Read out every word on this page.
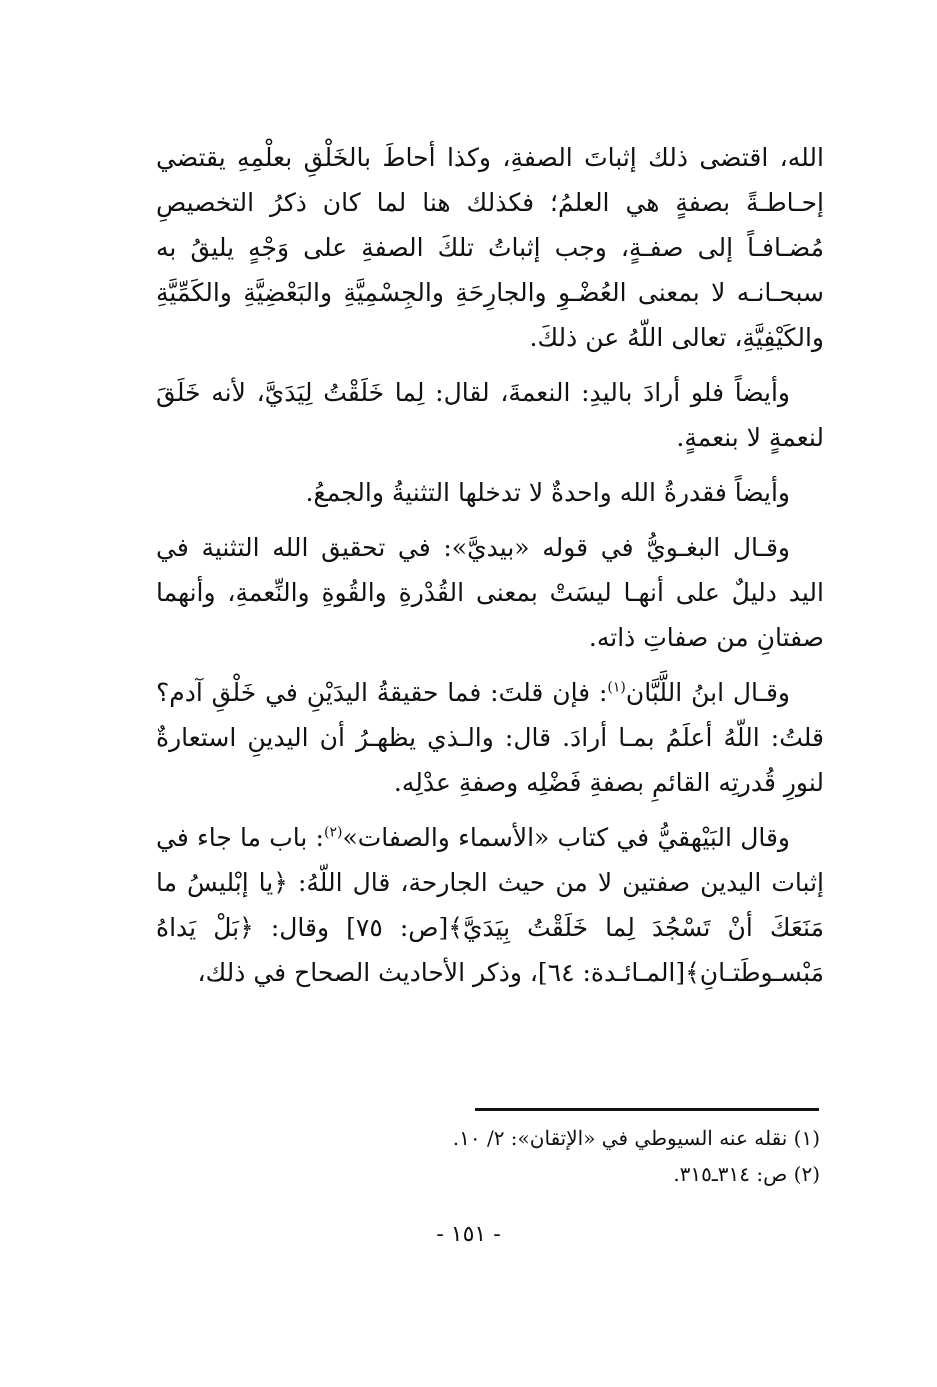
الله، اقتضى ذلك إثباتَ الصفةِ، وكذا أحاطَ بالخَلْقِ بعلْمِهِ يقتضي إحـاطـةً بصفةٍ هي العلمُ؛ فكذلك هنا لما كان ذكرُ التخصيصِ مُضـافـاً إلى صفـةٍ، وجب إثباتُ تلكَ الصفةِ على وَجْهٍ يليقُ به سبحـانـه لا بمعنى العُضْـوِ والجارِحَةِ والجِسْمِيَّةِ والبَعْضِيَّةِ والكَمِّيَّةِ والكَيْفِيَّةِ، تعالى اللّهُ عن ذلكَ.

وأيضاً فلو أرادَ باليدِ: النعمةَ، لقال: لِما خَلَقْتُ لِيَدَيَّ، لأنه خَلَقَ لنعمةٍ لا بنعمةٍ.

وأيضاً فقدرةُ الله واحدةٌ لا تدخلها التثنيةُ والجمعُ.

وقـال البغـويُّ في قوله «بيديَّ»: في تحقيق الله التثنية في اليد دليلٌ على أنهـا ليسَتْ بمعنى القُدْرةِ والقُوةِ والنِّعمةِ، وأنهما صفتانِ من صفاتِ ذاته.

وقـال ابنُ اللَّبَّان$^{(١)}$: فإن قلتَ: فما حقيقةُ اليدَيْنِ في خَلْقِ آدم؟ قلتُ: اللّهُ أعلَمُ بمـا أرادَ. قال: والـذي يظهـرُ أن اليدينِ استعارةٌ لنورِ قُدرتِه القائمِ بصفةِ فَضْلِه وصفةِ عدْلِه.

وقال البَيْهقيُّ في كتاب «الأسماء والصفات»$^{(٢)}$: باب ما جاء في إثبات اليدين صفتين لا من حيث الجارحة، قال اللّهُ: ﴿يا إبْليسُ ما مَنَعَكَ أنْ تَسْجُدَ لِما خَلَقْتُ بِيَدَيَّ﴾[ص: ٧٥] وقال: ﴿بَلْ يَداهُ مَبْسـوطَتـانِ﴾[المـائـدة: ٦٤]، وذكر الأحاديث الصحاح في ذلك،

(١) نقله عنه السيوطي في «الإتقان»: ٢/ ١٠.

(٢) ص: ٣١٤ـ٣١٥.

- ١٥١ -
